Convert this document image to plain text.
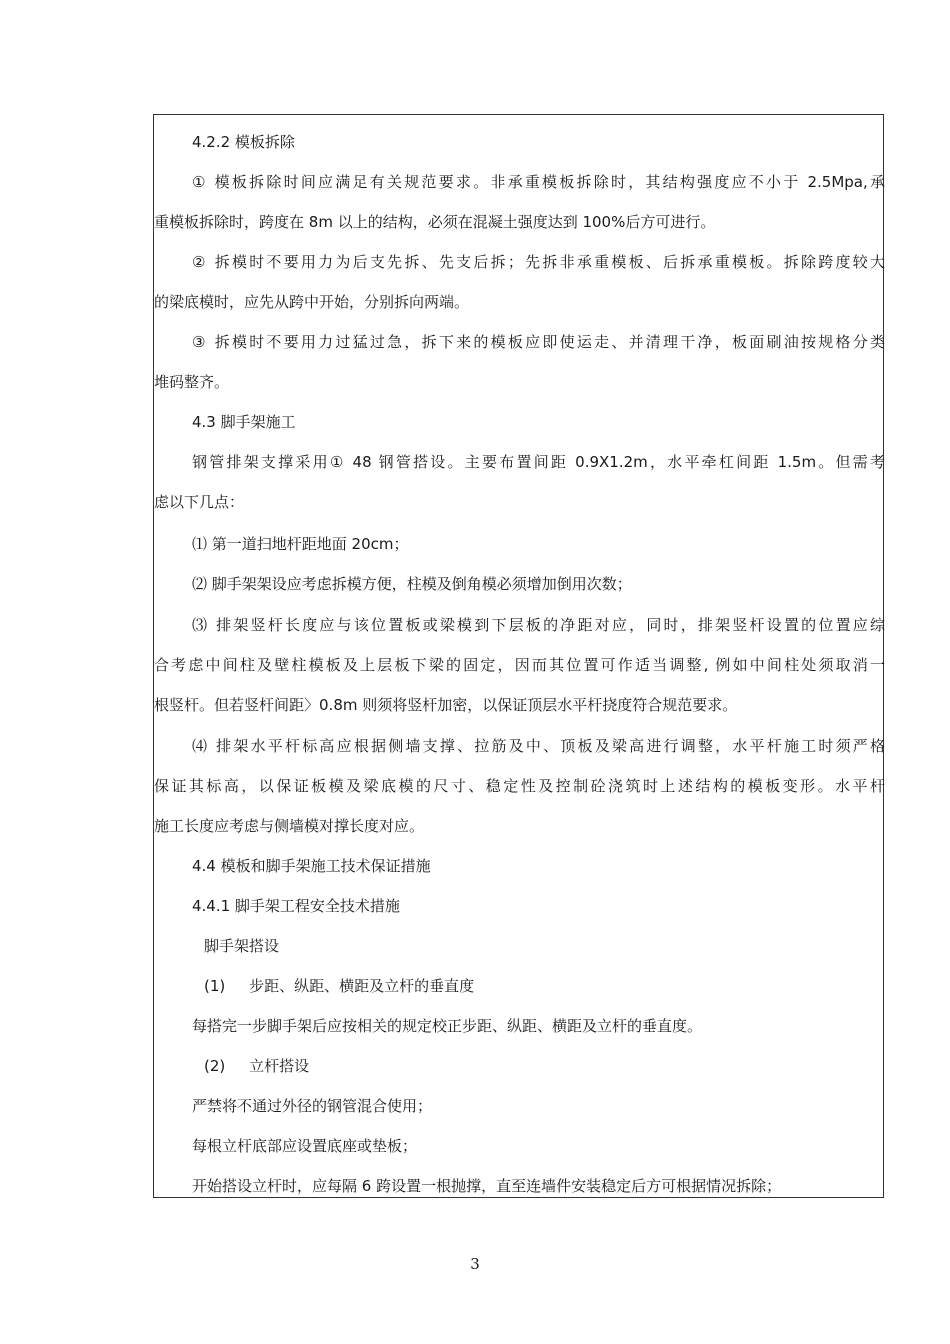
4.2.2 模板拆除
① 模板拆除时间应满足有关规范要求。非承重模板拆除时，其结构强度应不小于 2.5Mpa,承
重模板拆除时，跨度在 8m 以上的结构，必须在混凝土强度达到 100%后方可进行。
② 拆模时不要用力为后支先拆、先支后拆；先拆非承重模板、后拆承重模板。拆除跨度较大
的梁底模时，应先从跨中开始，分别拆向两端。
③ 拆模时不要用力过猛过急，拆下来的模板应即使运走、并清理干净，板面刷油按规格分类
堆码整齐。
4.3 脚手架施工
钢管排架支撑采用① 48 钢管搭设。主要布置间距 0.9X1.2m，水平牵杠间距 1.5m。但需考
虑以下几点：
⑴ 第一道扫地杆距地面 20cm；
⑵ 脚手架架设应考虑拆模方便，柱模及倒角模必须增加倒用次数；
⑶ 排架竖杆长度应与该位置板或梁模到下层板的净距对应，同时，排架竖杆设置的位置应综
合考虑中间柱及壁柱模板及上层板下梁的固定，因而其位置可作适当调整, 例如中间柱处须取消一
根竖杆。但若竖杆间距〉0.8m 则须将竖杆加密，以保证顶层水平杆挠度符合规范要求。
⑷ 排架水平杆标高应根据侧墙支撑、拉筋及中、顶板及梁高进行调整，水平杆施工时须严格
保证其标高，以保证板模及梁底模的尺寸、稳定性及控制砼浇筑时上述结构的模板变形。水平杆
施工长度应考虑与侧墙模对撑长度对应。
4.4 模板和脚手架施工技术保证措施
4.4.1 脚手架工程安全技术措施
脚手架搭设
(1)     步距、纵距、横距及立杆的垂直度
每搭完一步脚手架后应按相关的规定校正步距、纵距、横距及立杆的垂直度。
(2)     立杆搭设
严禁将不通过外径的钢管混合使用；
每根立杆底部应设置底座或垫板；
开始搭设立杆时，应每隔 6 跨设置一根抛撑，直至连墙件安装稳定后方可根据情况拆除；
3
